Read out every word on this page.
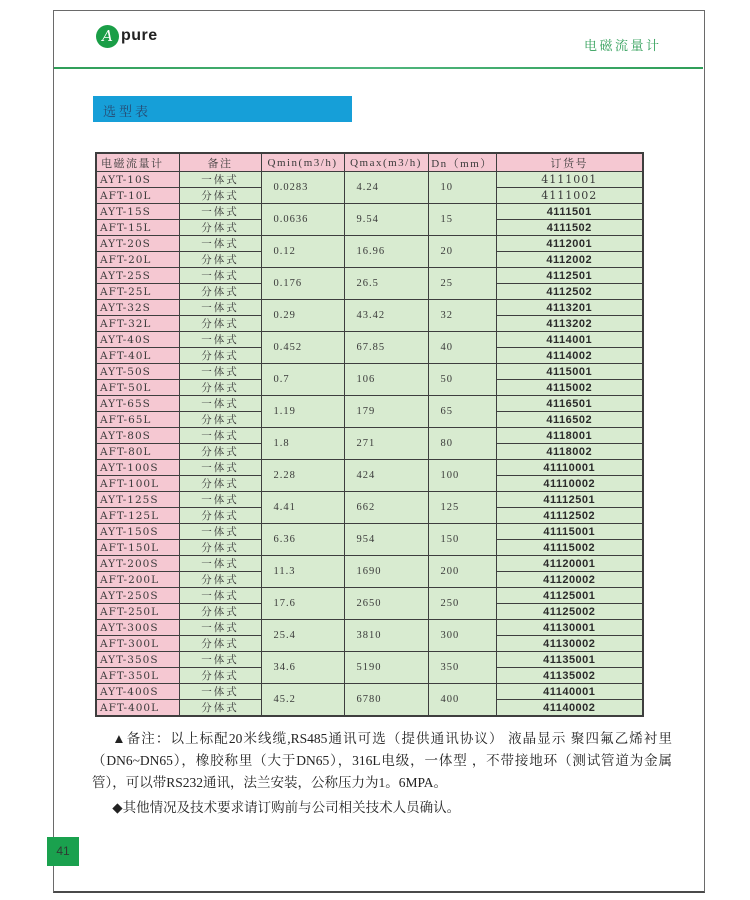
A pure
电磁流量计
选型表
电磁流量计	备注	Qmin(m3/h)	Qmax(m3/h)	Dn（mm）	订货号
AYT-10S	一体式	0.0283	4.24	10	4111001
AFT-10L	分体式				4111002
AYT-15S	一体式	0.0636	9.54	15	4111501
AFT-15L	分体式				4111502
AYT-20S	一体式	0.12	16.96	20	4112001
AFT-20L	分体式				4112002
AYT-25S	一体式	0.176	26.5	25	4112501
AFT-25L	分体式				4112502
AYT-32S	一体式	0.29	43.42	32	4113201
AFT-32L	分体式				4113202
AYT-40S	一体式	0.452	67.85	40	4114001
AFT-40L	分体式				4114002
AYT-50S	一体式	0.7	106	50	4115001
AFT-50L	分体式				4115002
AYT-65S	一体式	1.19	179	65	4116501
AFT-65L	分体式				4116502
AYT-80S	一体式	1.8	271	80	4118001
AFT-80L	分体式				4118002
AYT-100S	一体式	2.28	424	100	41110001
AFT-100L	分体式				41110002
AYT-125S	一体式	4.41	662	125	41112501
AFT-125L	分体式				41112502
AYT-150S	一体式	6.36	954	150	41115001
AFT-150L	分体式				41115002
AYT-200S	一体式	11.3	1690	200	41120001
AFT-200L	分体式				41120002
AYT-250S	一体式	17.6	2650	250	41125001
AFT-250L	分体式				41125002
AYT-300S	一体式	25.4	3810	300	41130001
AFT-300L	分体式				41130002
AYT-350S	一体式	34.6	5190	350	41135001
AFT-350L	分体式				41135002
AYT-400S	一体式	45.2	6780	400	41140001
AFT-400L	分体式				41140002
▲备注：以上标配20米线缆,RS485通讯可选（提供通讯协议） 液晶显示 聚四氟乙烯衬里（DN6~DN65），橡胶称里（大于DN65），316L电级，一体型 ，不带接地环（测试管道为金属管），可以带RS232通讯，法兰安装，公称压力为1。6MPA。
◆其他情况及技术要求请订购前与公司相关技术人员确认。
41
